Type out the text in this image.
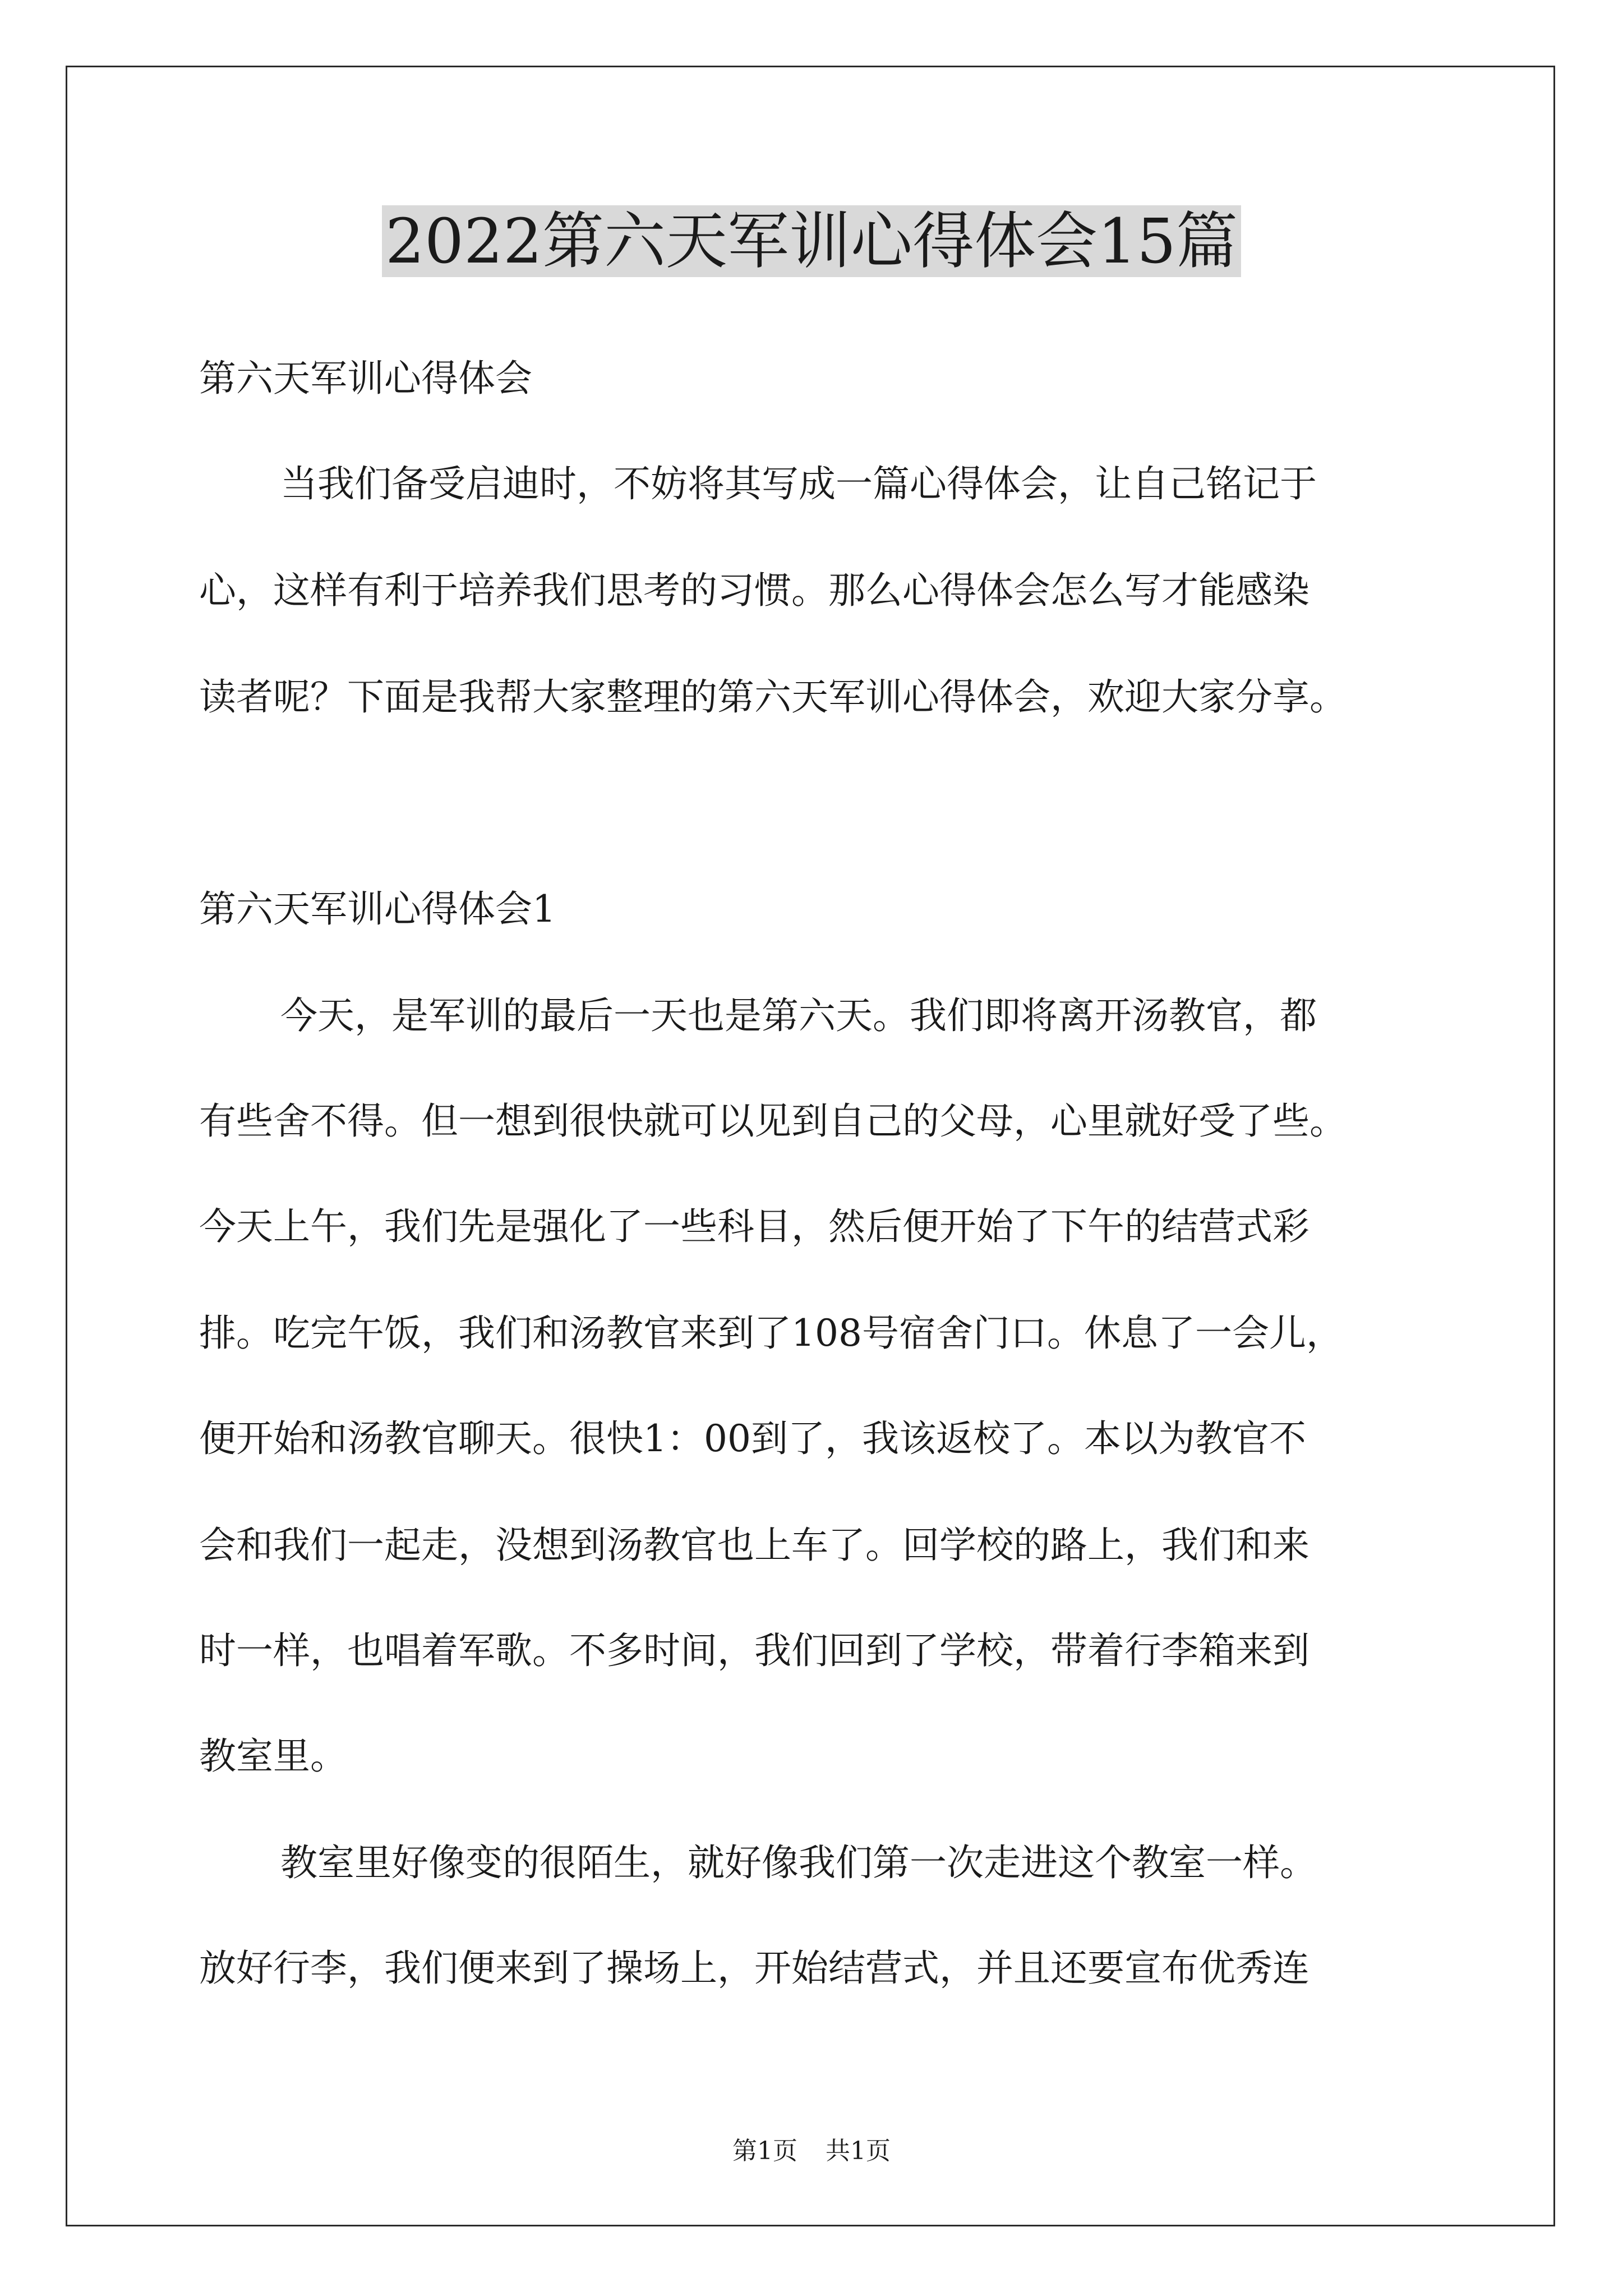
2022第六天军训心得体会15篇

第六天军训心得体会

当我们备受启迪时，不妨将其写成一篇心得体会，让自己铭记于

心，这样有利于培养我们思考的习惯。那么心得体会怎么写才能感染

读者呢？下面是我帮大家整理的第六天军训心得体会，欢迎大家分享。

第六天军训心得体会1

今天，是军训的最后一天也是第六天。我们即将离开汤教官，都

有些舍不得。但一想到很快就可以见到自己的父母，心里就好受了些。

今天上午，我们先是强化了一些科目，然后便开始了下午的结营式彩

排。吃完午饭，我们和汤教官来到了108号宿舍门口。休息了一会儿，

便开始和汤教官聊天。很快1：00到了，我该返校了。本以为教官不

会和我们一起走，没想到汤教官也上车了。回学校的路上，我们和来

时一样，也唱着军歌。不多时间，我们回到了学校，带着行李箱来到

教室里。

教室里好像变的很陌生，就好像我们第一次走进这个教室一样。

放好行李，我们便来到了操场上，开始结营式，并且还要宣布优秀连

第1页 共1页
